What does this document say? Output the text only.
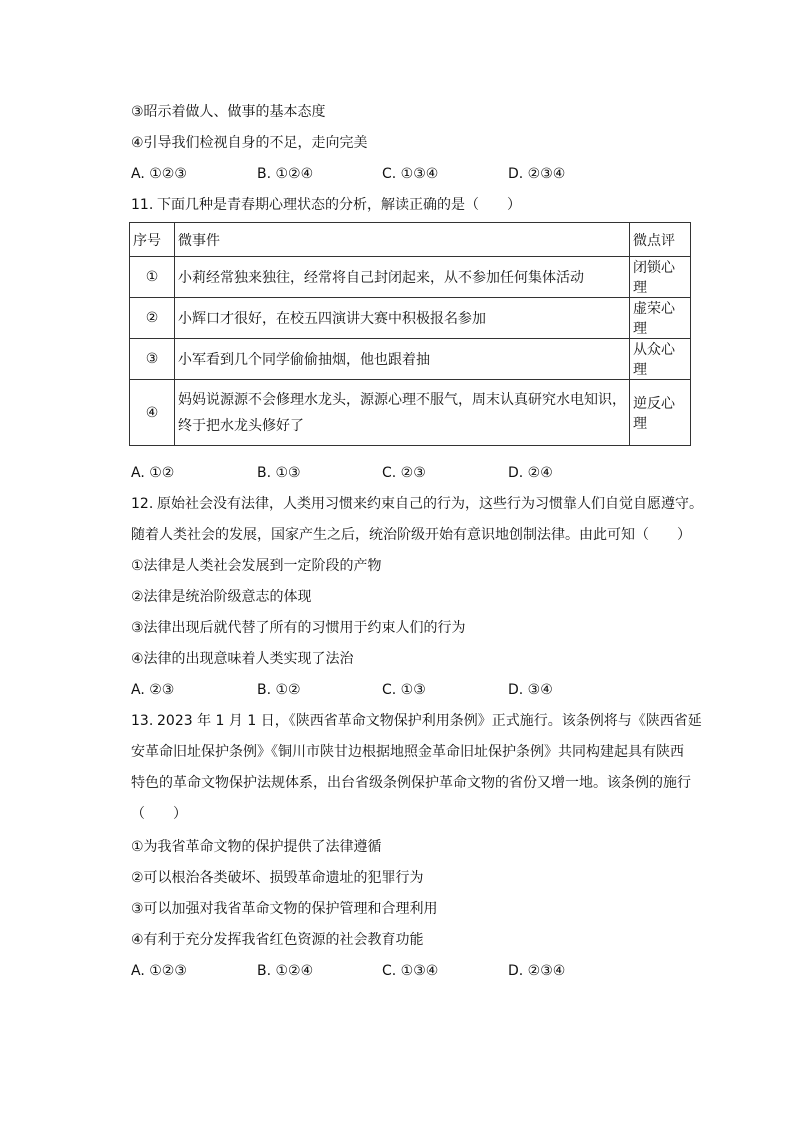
③昭示着做人、做事的基本态度
④引导我们检视自身的不足，走向完美
A. ①②③	B. ①②④	C. ①③④	D. ②③④
11. 下面几种是青春期心理状态的分析，解读正确的是（　　）
序号	微事件	微点评
①	小莉经常独来独往，经常将自己封闭起来，从不参加任何集体活动	闭锁心理
②	小辉口才很好，在校五四演讲大赛中积极报名参加	虚荣心理
③	小军看到几个同学偷偷抽烟，他也跟着抽	从众心理
④	妈妈说源源不会修理水龙头，源源心理不服气，周末认真研究水电知识，
终于把水龙头修好了	逆反心理
A. ①②	B. ①③	C. ②③	D. ②④
12. 原始社会没有法律，人类用习惯来约束自己的行为，这些行为习惯靠人们自觉自愿遵守。
随着人类社会的发展，国家产生之后，统治阶级开始有意识地创制法律。由此可知（　　）
①法律是人类社会发展到一定阶段的产物
②法律是统治阶级意志的体现
③法律出现后就代替了所有的习惯用于约束人们的行为
④法律的出现意味着人类实现了法治
A. ②③	B. ①②	C. ①③	D. ③④
13. 2023 年 1 月 1 日，《陕西省革命文物保护利用条例》正式施行。该条例将与《陕西省延
安革命旧址保护条例》《铜川市陕甘边根据地照金革命旧址保护条例》共同构建起具有陕西
特色的革命文物保护法规体系，出台省级条例保护革命文物的省份又增一地。该条例的施行
（　　）
①为我省革命文物的保护提供了法律遵循
②可以根治各类破坏、损毁革命遗址的犯罪行为
③可以加强对我省革命文物的保护管理和合理利用
④有利于充分发挥我省红色资源的社会教育功能
A. ①②③	B. ①②④	C. ①③④	D. ②③④
